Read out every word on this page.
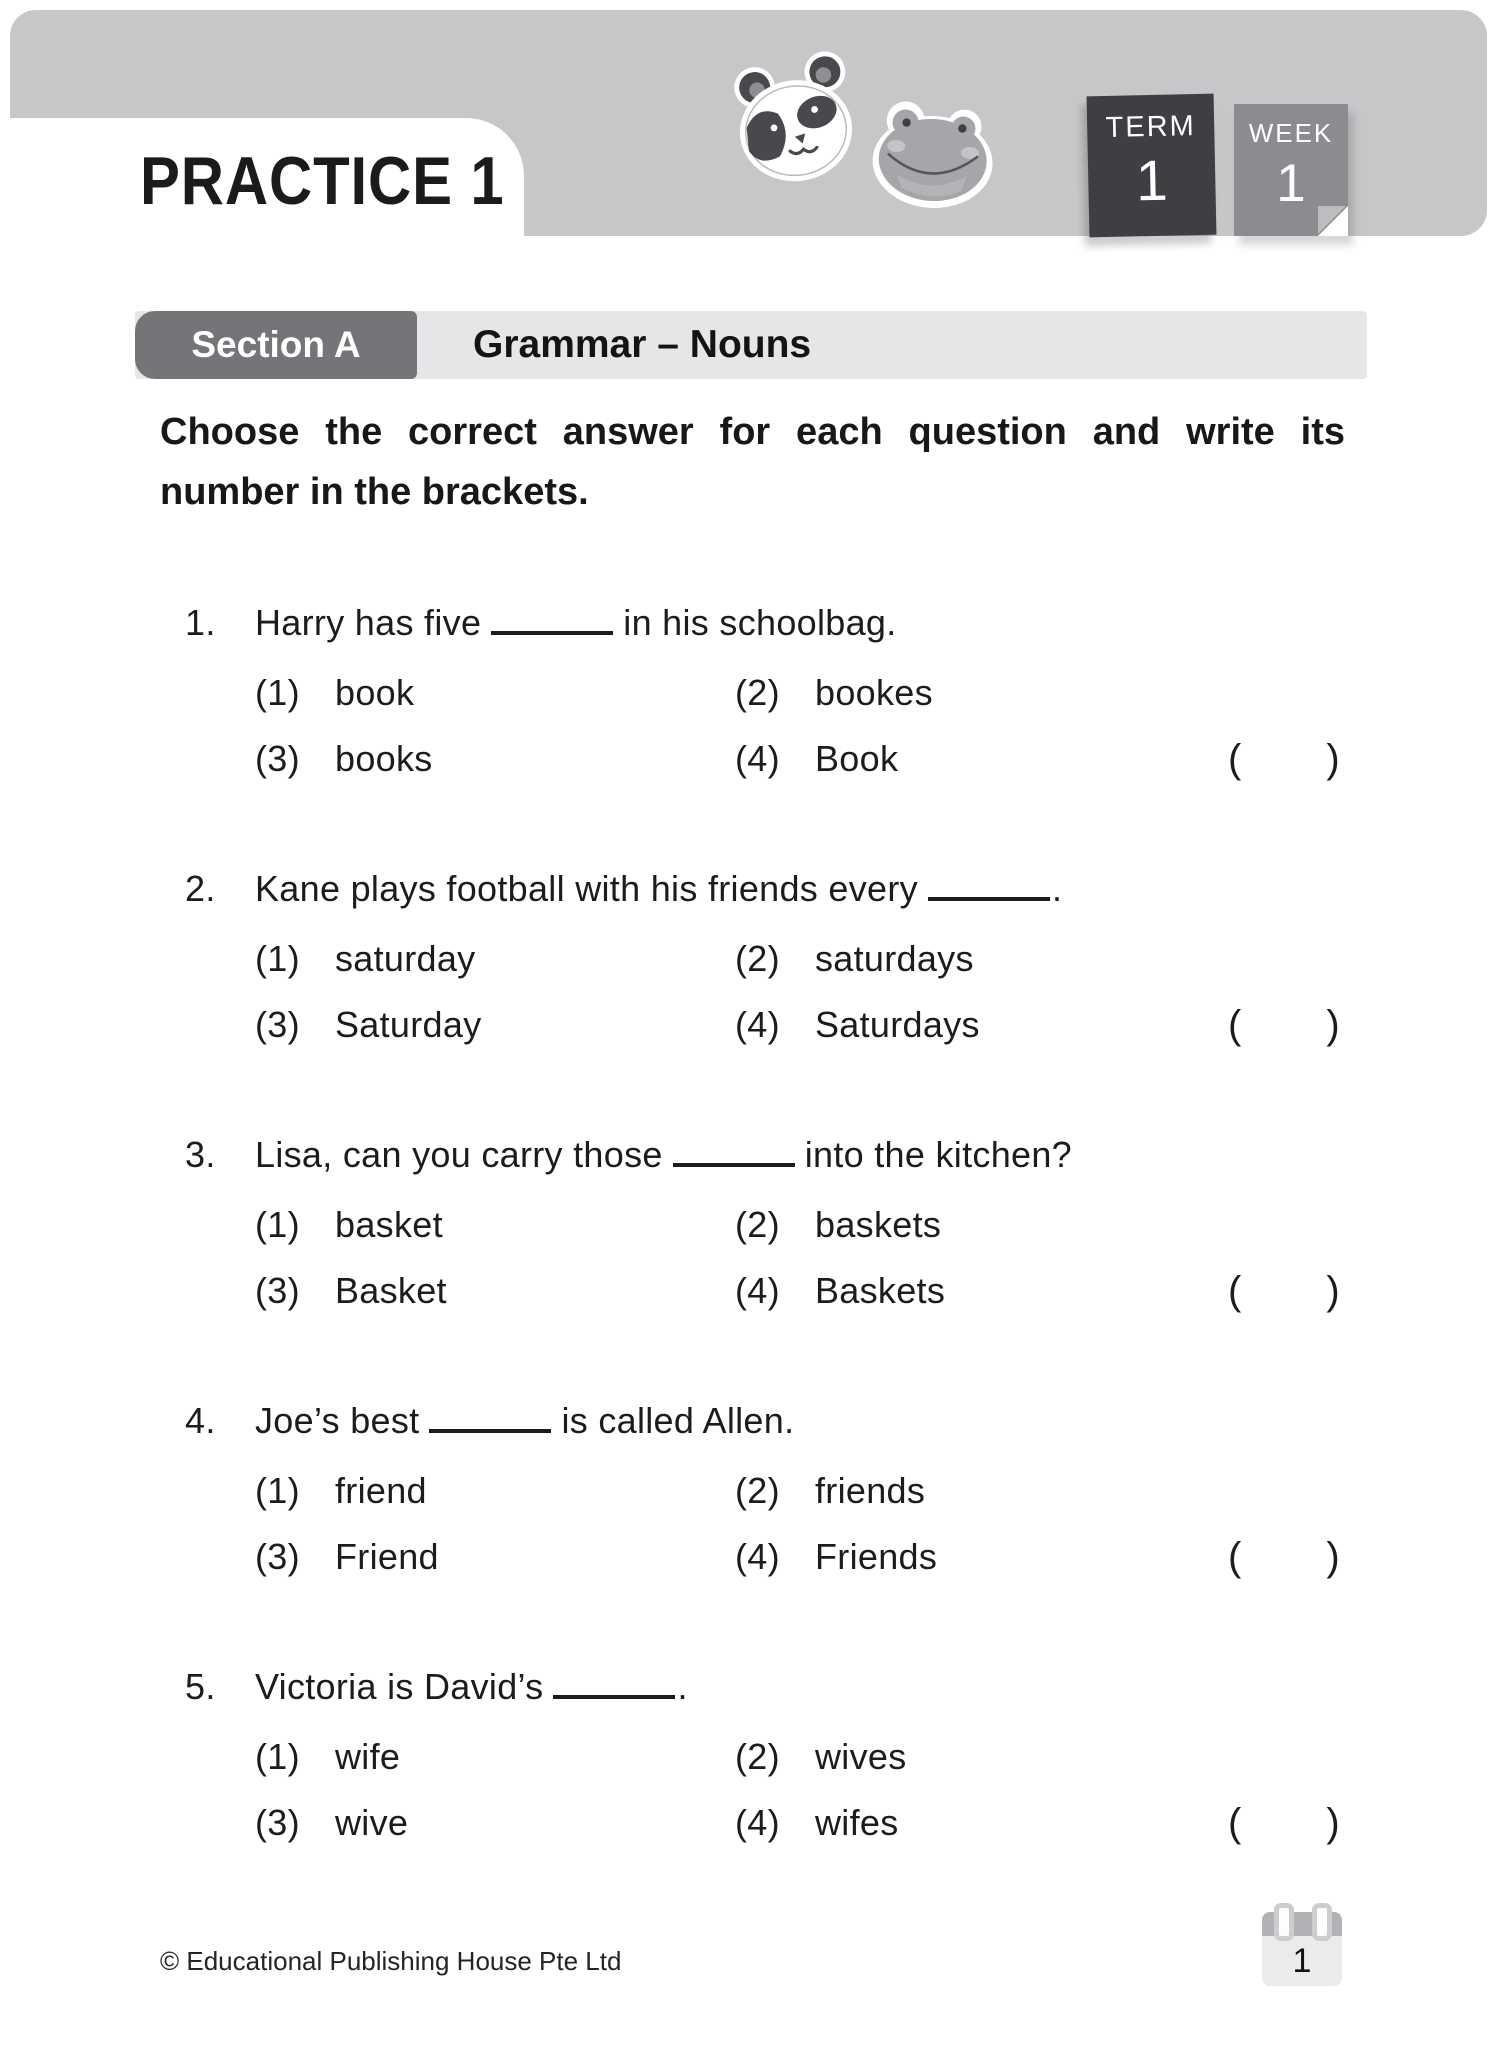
PRACTICE 1
TERM
1
WEEK
1
Section A	Grammar – Nouns
Choose the correct answer for each question and write its
number in the brackets.
1.	Harry has five	in his schoolbag.
(1) book	(2) bookes
(3) books	(4) Book	( )
2.	Kane plays football with his friends every	.
(1) saturday	(2) saturdays
(3) Saturday	(4) Saturdays	( )
3.	Lisa, can you carry those	into the kitchen?
(1) basket	(2) baskets
(3) Basket	(4) Baskets	( )
4.	Joe’s best	is called Allen.
(1) friend	(2) friends
(3) Friend	(4) Friends	( )
5.	Victoria is David’s	.
(1) wife	(2) wives
(3) wive	(4) wifes	( )
© Educational Publishing House Pte Ltd	1
